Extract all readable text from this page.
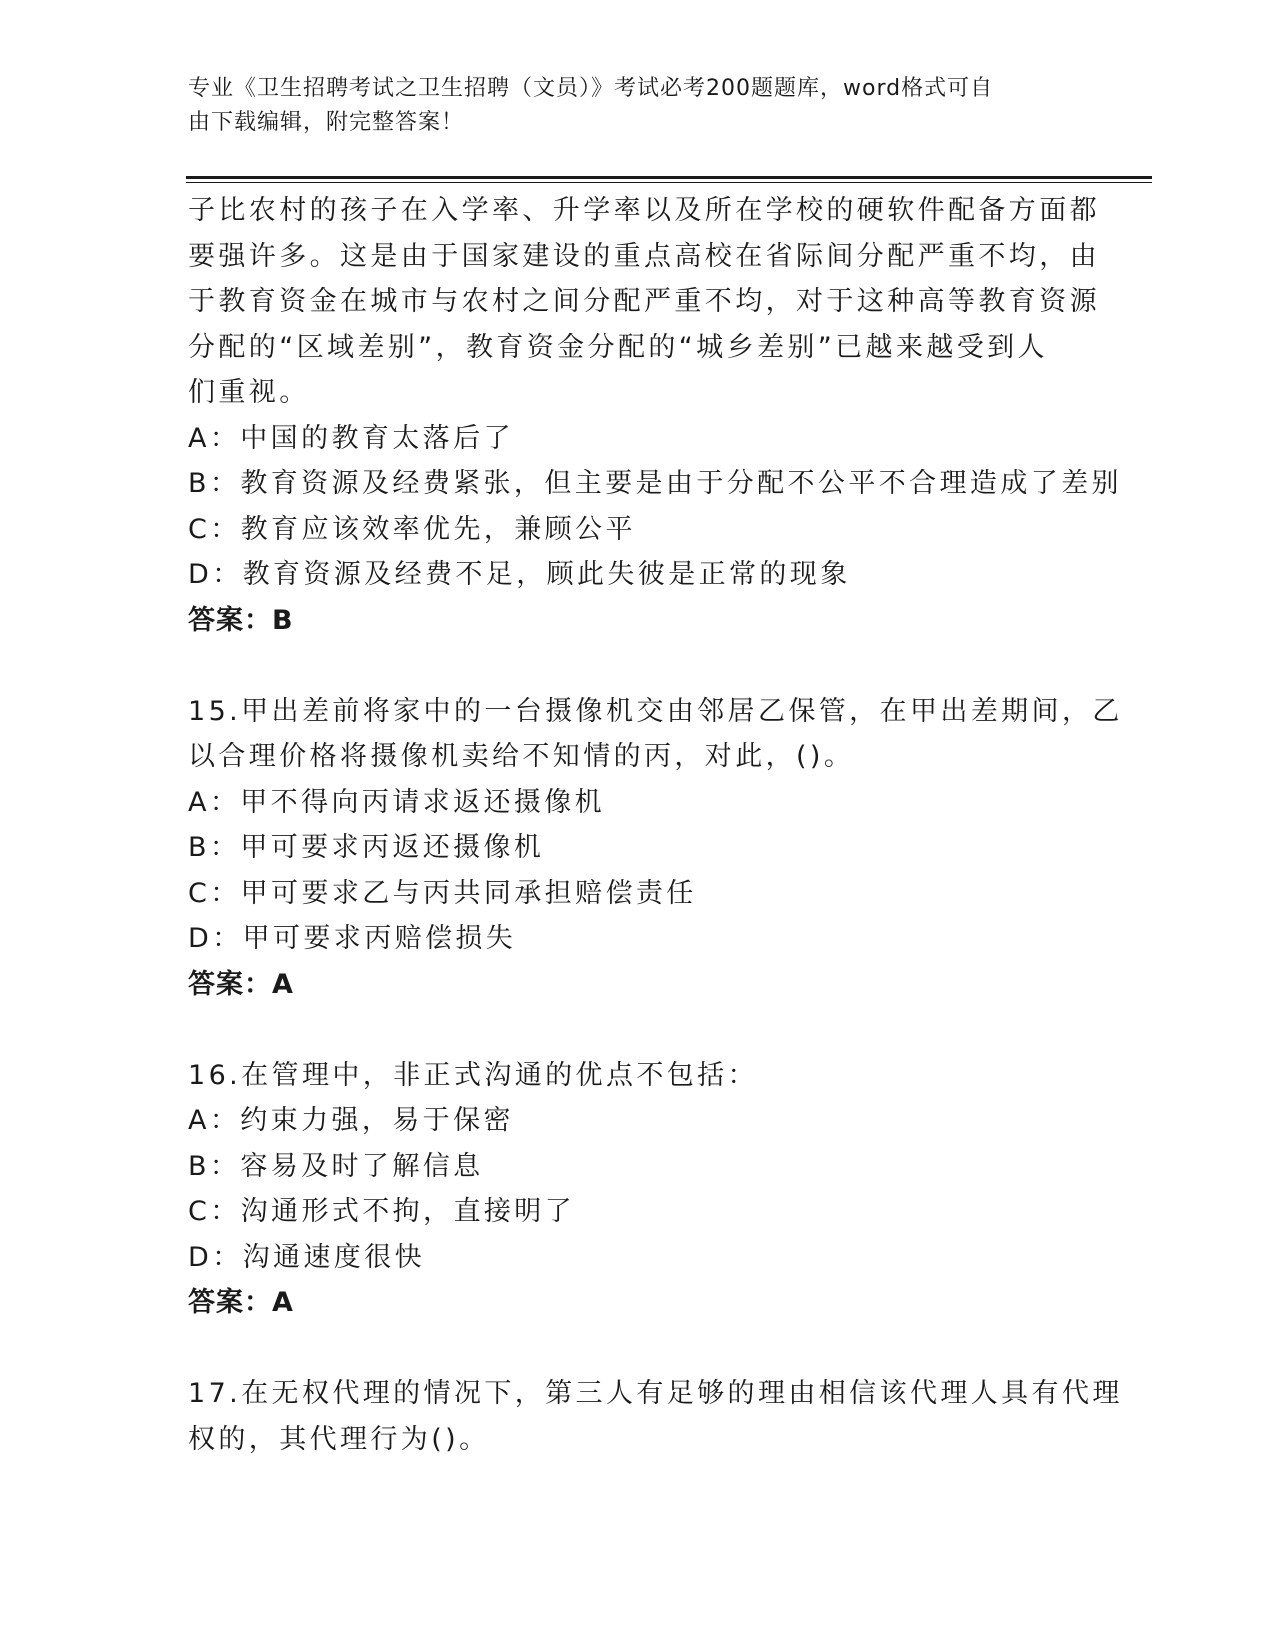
专业《卫生招聘考试之卫生招聘（文员）》考试必考200题题库，word格式可自
由下载编辑，附完整答案！
子比农村的孩子在入学率、升学率以及所在学校的硬软件配备方面都
要强许多。这是由于国家建设的重点高校在省际间分配严重不均，由
于教育资金在城市与农村之间分配严重不均，对于这种高等教育资源
分配的“区域差别”，教育资金分配的“城乡差别”已越来越受到人
们重视。
A：中国的教育太落后了
B：教育资源及经费紧张，但主要是由于分配不公平不合理造成了差别
C：教育应该效率优先，兼顾公平
D：教育资源及经费不足，顾此失彼是正常的现象
答案：B
15.甲出差前将家中的一台摄像机交由邻居乙保管，在甲出差期间，乙
以合理价格将摄像机卖给不知情的丙，对此，()。
A：甲不得向丙请求返还摄像机
B：甲可要求丙返还摄像机
C：甲可要求乙与丙共同承担赔偿责任
D：甲可要求丙赔偿损失
答案：A
16.在管理中，非正式沟通的优点不包括：
A：约束力强，易于保密
B：容易及时了解信息
C：沟通形式不拘，直接明了
D：沟通速度很快
答案：A
17.在无权代理的情况下，第三人有足够的理由相信该代理人具有代理
权的，其代理行为()。
